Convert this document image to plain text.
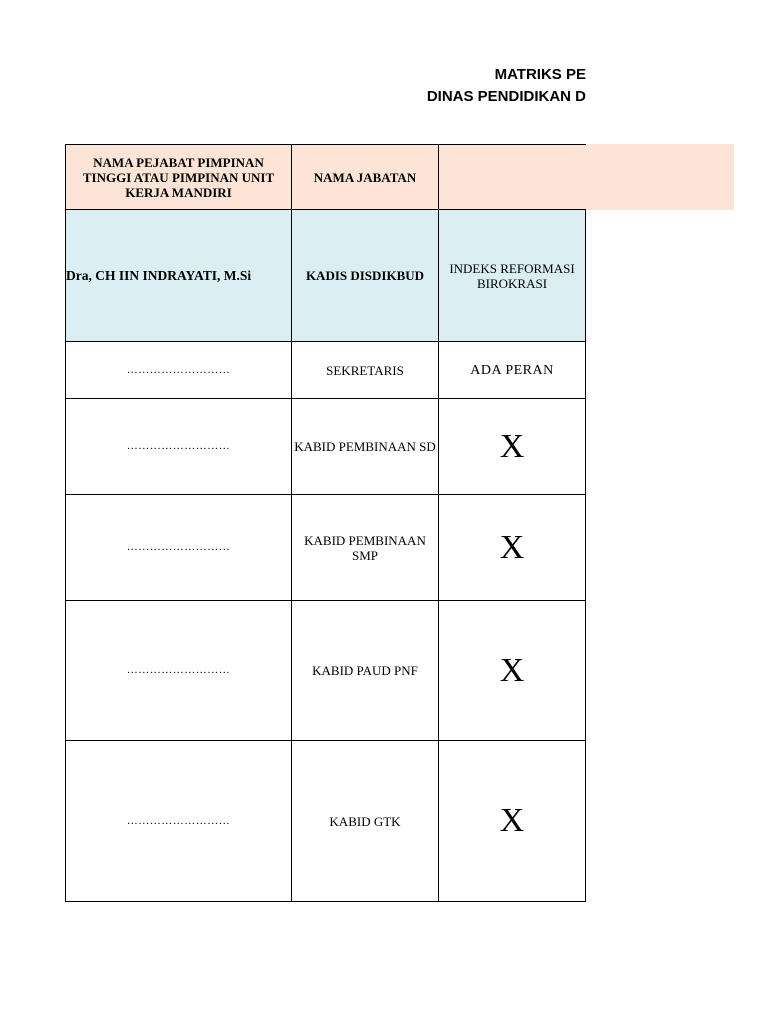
MATRIKS PE
DINAS PENDIDIKAN D
NAMA PEJABAT PIMPINAN TINGGI ATAU PIMPINAN UNIT KERJA MANDIRI	NAMA JABATAN	
Dra, CH IIN INDRAYATI, M.Si	KADIS DISDIKBUD	INDEKS REFORMASI BIROKRASI
………………………	SEKRETARIS	ADA PERAN
………………………	KABID PEMBINAAN SD	X
………………………	KABID PEMBINAAN SMP	X
………………………	KABID PAUD PNF	X
………………………	KABID GTK	X
